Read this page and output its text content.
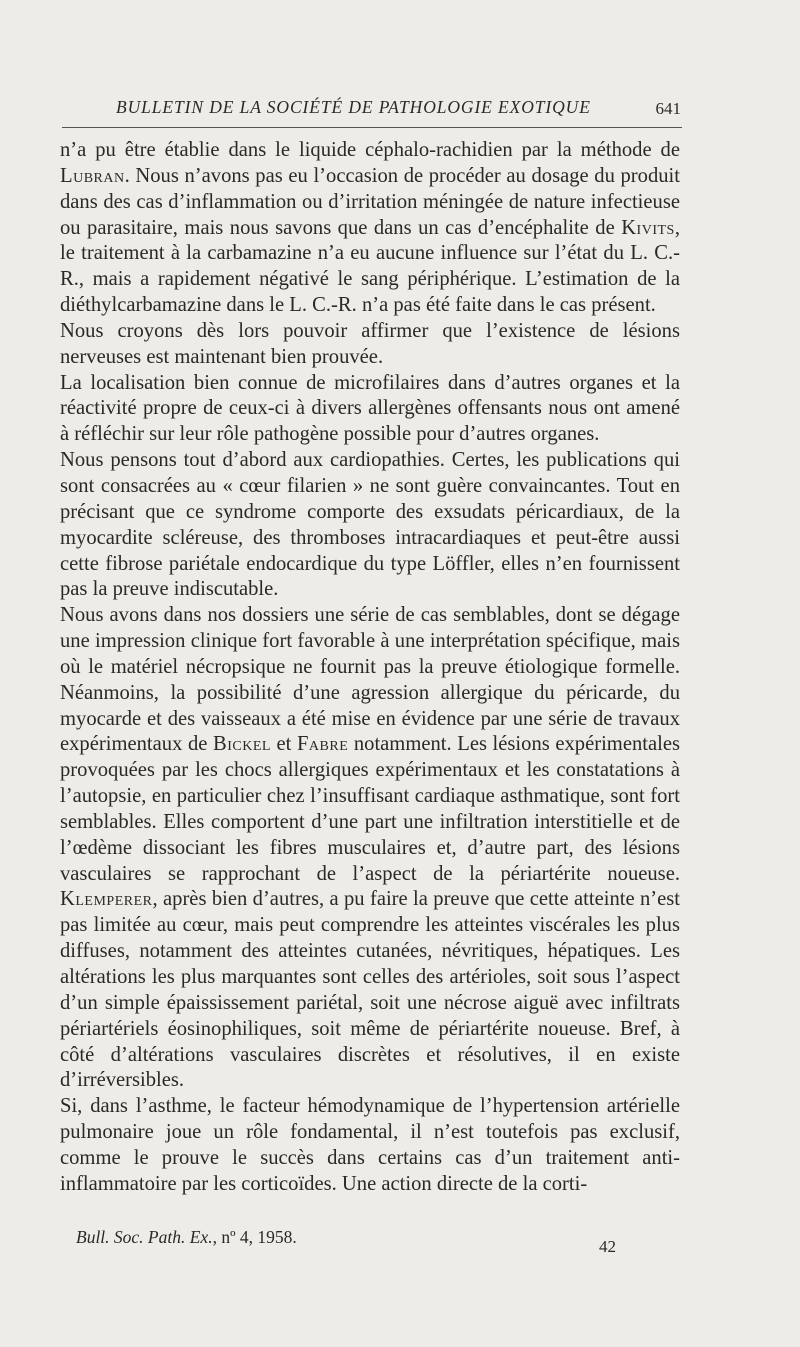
BULLETIN DE LA SOCIÉTÉ DE PATHOLOGIE EXOTIQUE	641

n’a pu être établie dans le liquide céphalo-rachidien par la méthode de Lubran. Nous n’avons pas eu l’occasion de procéder au dosage du produit dans des cas d’inflammation ou d’irritation méningée de nature infectieuse ou parasitaire, mais nous savons que dans un cas d’encéphalite de Kivits, le traitement à la carbamazine n’a eu aucune influence sur l’état du L. C.-R., mais a rapidement négativé le sang périphérique. L’estimation de la diéthylcarbamazine dans le L. C.-R. n’a pas été faite dans le cas présent.

Nous croyons dès lors pouvoir affirmer que l’existence de lésions nerveuses est maintenant bien prouvée.

La localisation bien connue de microfilaires dans d’autres organes et la réactivité propre de ceux-ci à divers allergènes offensants nous ont amené à réfléchir sur leur rôle pathogène possible pour d’autres organes.

Nous pensons tout d’abord aux cardiopathies. Certes, les publications qui sont consacrées au « cœur filarien » ne sont guère convaincantes. Tout en précisant que ce syndrome comporte des exsudats péricardiaux, de la myocardite scléreuse, des thromboses intracardiaques et peut-être aussi cette fibrose pariétale endocardique du type Löffler, elles n’en fournissent pas la preuve indiscutable.

Nous avons dans nos dossiers une série de cas semblables, dont se dégage une impression clinique fort favorable à une interprétation spécifique, mais où le matériel nécropsique ne fournit pas la preuve étiologique formelle. Néanmoins, la possibilité d’une agression allergique du péricarde, du myocarde et des vaisseaux a été mise en évidence par une série de travaux expérimentaux de Bickel et Fabre notamment. Les lésions expérimentales provoquées par les chocs allergiques expérimentaux et les constatations à l’autopsie, en particulier chez l’insuffisant cardiaque asthmatique, sont fort semblables. Elles comportent d’une part une infiltration interstitielle et de l’œdème dissociant les fibres musculaires et, d’autre part, des lésions vasculaires se rapprochant de l’aspect de la périartérite noueuse. Klemperer, après bien d’autres, a pu faire la preuve que cette atteinte n’est pas limitée au cœur, mais peut comprendre les atteintes viscérales les plus diffuses, notamment des atteintes cutanées, névritiques, hépatiques. Les altérations les plus marquantes sont celles des artérioles, soit sous l’aspect d’un simple épaississement pariétal, soit une nécrose aiguë avec infiltrats périartériels éosinophiliques, soit même de périartérite noueuse. Bref, à côté d’altérations vasculaires discrètes et résolutives, il en existe d’irréversibles.

Si, dans l’asthme, le facteur hémodynamique de l’hypertension artérielle pulmonaire joue un rôle fondamental, il n’est toutefois pas exclusif, comme le prouve le succès dans certains cas d’un traitement anti-inflammatoire par les corticoïdes. Une action directe de la corti-

Bull. Soc. Path. Ex., nº 4, 1958.	42
